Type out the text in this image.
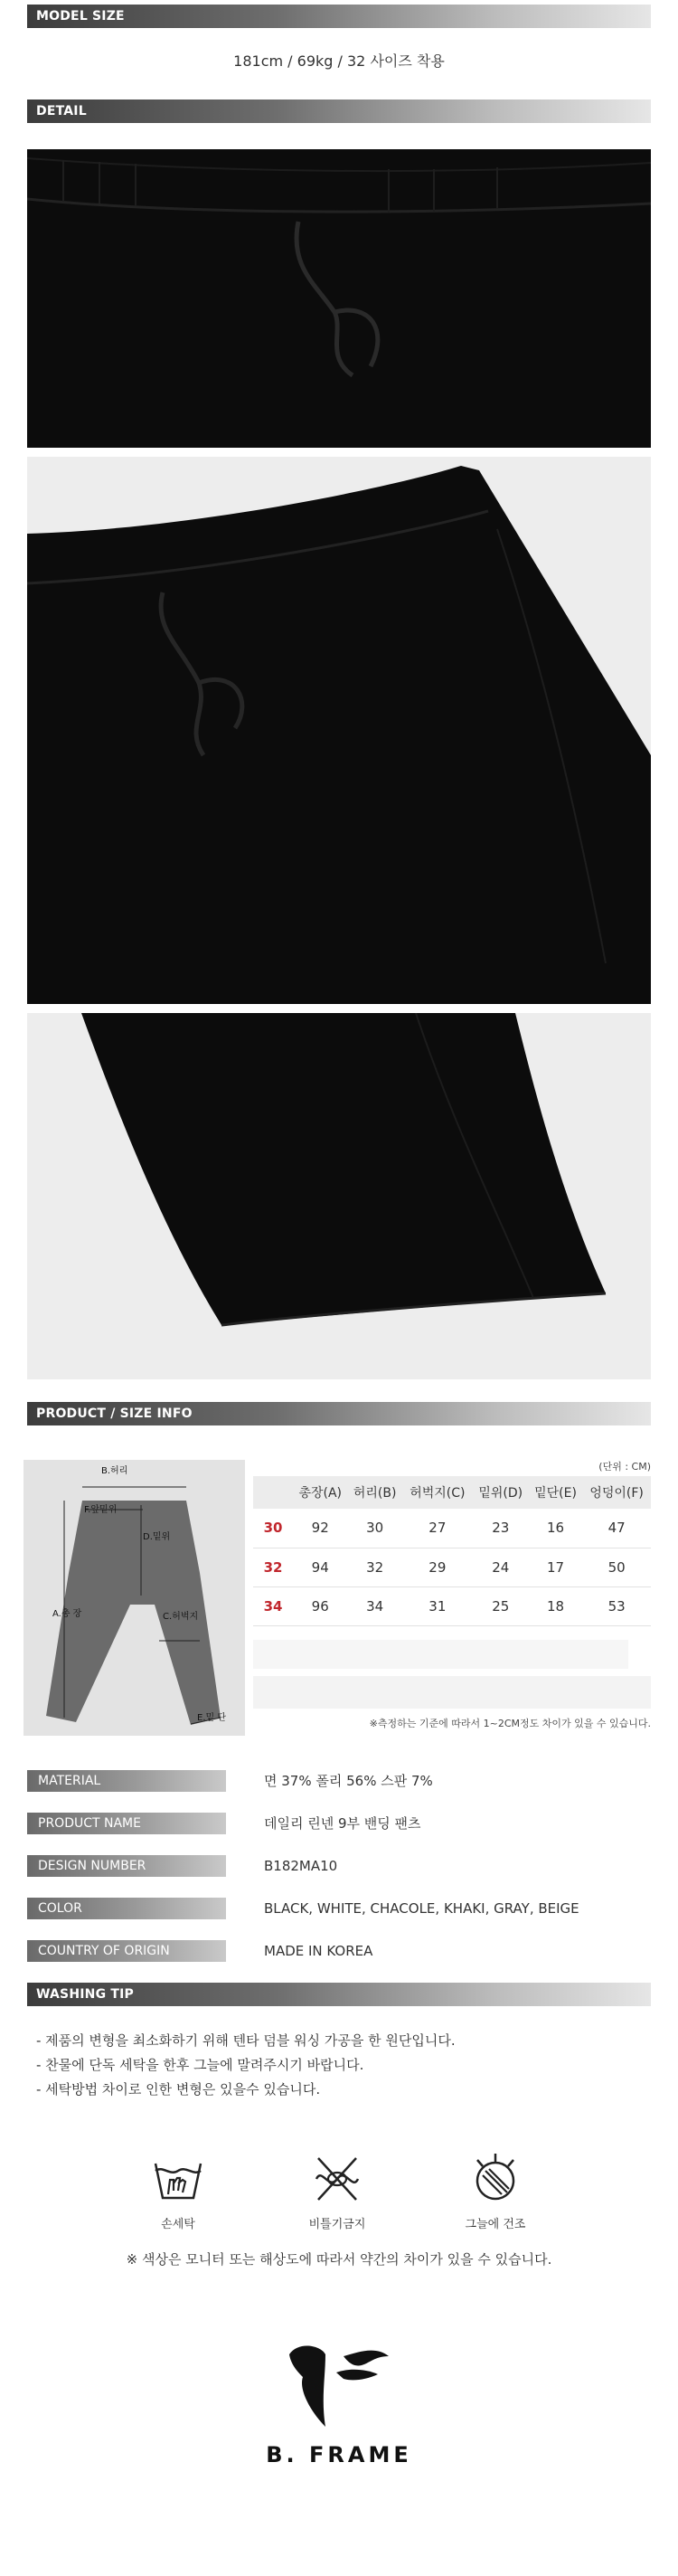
MODEL SIZE
181cm / 69kg / 32 사이즈 착용
DETAIL
PRODUCT / SIZE INFO
B.허리
F.앞밑위
D.밑위
A.총 장	C.허벅지
E.밑 단
(단위 : CM)
	총장(A)	허리(B)	허벅지(C)	밑위(D)	밑단(E)	엉덩이(F)
30	92	30	27	23	16	47
32	94	32	29	24	17	50
34	96	34	31	25	18	53
※측정하는 기준에 따라서 1~2CM정도 차이가 있을 수 있습니다.
MATERIAL	면 37% 폴리 56% 스판 7%
PRODUCT NAME	데일리 린넨 9부 밴딩 팬츠
DESIGN NUMBER	B182MA10
COLOR	BLACK, WHITE, CHACOLE, KHAKI, GRAY, BEIGE
COUNTRY OF ORIGIN	MADE IN KOREA
WASHING TIP
- 제품의 변형을 최소화하기 위해 텐타 덤블 워싱 가공을 한 원단입니다.
- 찬물에 단독 세탁을 한후 그늘에 말려주시기 바랍니다.
- 세탁방법 차이로 인한 변형은 있을수 있습니다.
손세탁	비틀기금지	그늘에 건조
※ 색상은 모니터 또는 해상도에 따라서 약간의 차이가 있을 수 있습니다.
B. FRAME
